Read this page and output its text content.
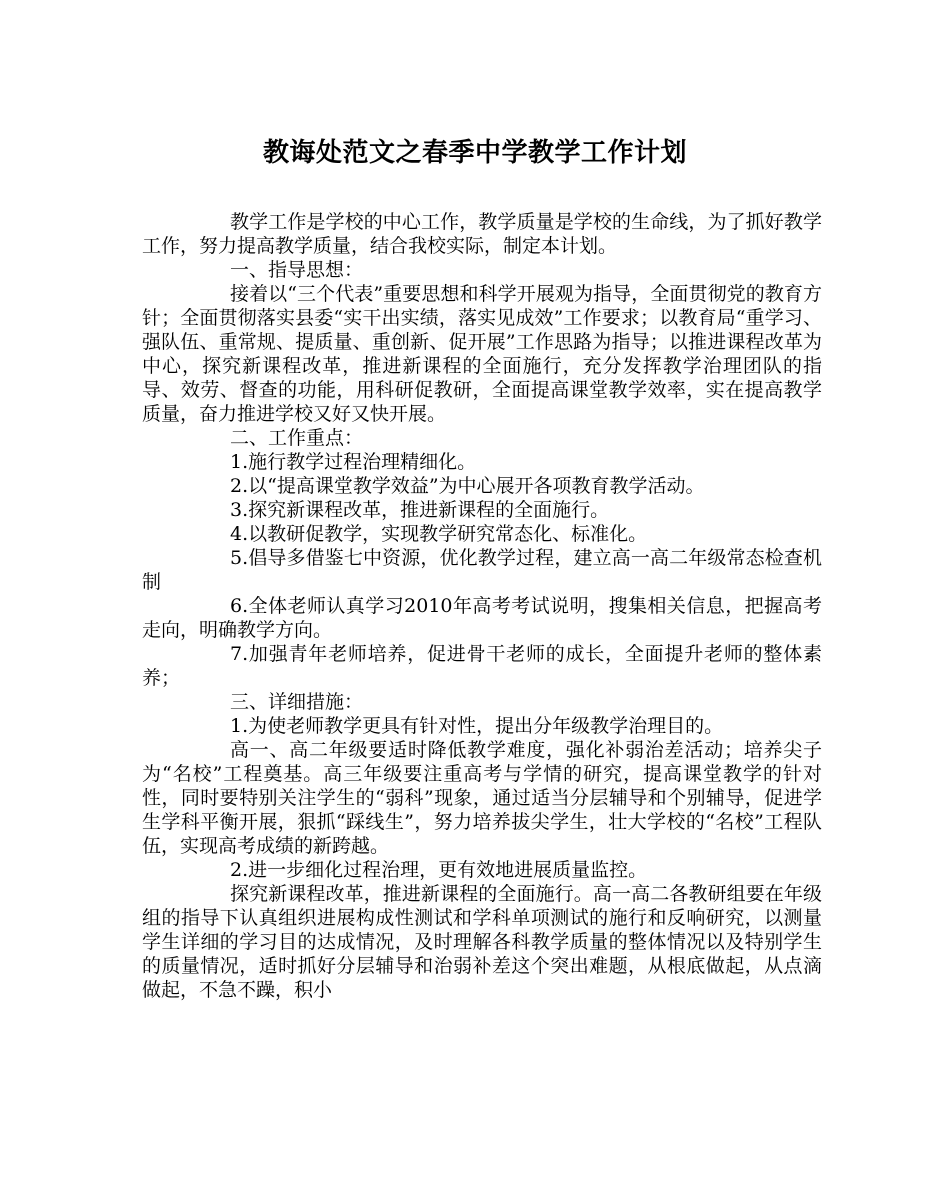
教诲处范文之春季中学教学工作计划

教学工作是学校的中心工作，教学质量是学校的生命线，为了抓好教学工作，努力提高教学质量，结合我校实际，制定本计划。

一、指导思想：

接着以“三个代表”重要思想和科学开展观为指导，全面贯彻党的教育方针；全面贯彻落实县委“实干出实绩，落实见成效”工作要求；以教育局“重学习、强队伍、重常规、提质量、重创新、促开展”工作思路为指导；以推进课程改革为中心，探究新课程改革，推进新课程的全面施行，充分发挥教学治理团队的指导、效劳、督查的功能，用科研促教研，全面提高课堂教学效率，实在提高教学质量，奋力推进学校又好又快开展。

二、工作重点：

1.施行教学过程治理精细化。

2.以“提高课堂教学效益”为中心展开各项教育教学活动。

3.探究新课程改革，推进新课程的全面施行。

4.以教研促教学，实现教学研究常态化、标准化。

5.倡导多借鉴七中资源，优化教学过程，建立高一高二年级常态检查机制

6.全体老师认真学习2010年高考考试说明，搜集相关信息，把握高考走向，明确教学方向。

7.加强青年老师培养，促进骨干老师的成长，全面提升老师的整体素养；

三、详细措施：

1.为使老师教学更具有针对性，提出分年级教学治理目的。

高一、高二年级要适时降低教学难度，强化补弱治差活动；培养尖子为“名校”工程奠基。高三年级要注重高考与学情的研究，提高课堂教学的针对性，同时要特别关注学生的“弱科”现象，通过适当分层辅导和个别辅导，促进学生学科平衡开展，狠抓“踩线生”，努力培养拔尖学生，壮大学校的“名校”工程队伍，实现高考成绩的新跨越。

2.进一步细化过程治理，更有效地进展质量监控。

探究新课程改革，推进新课程的全面施行。高一高二各教研组要在年级组的指导下认真组织进展构成性测试和学科单项测试的施行和反响研究，以测量学生详细的学习目的达成情况，及时理解各科教学质量的整体情况以及特别学生的质量情况，适时抓好分层辅导和治弱补差这个突出难题，从根底做起，从点滴做起，不急不躁，积小
